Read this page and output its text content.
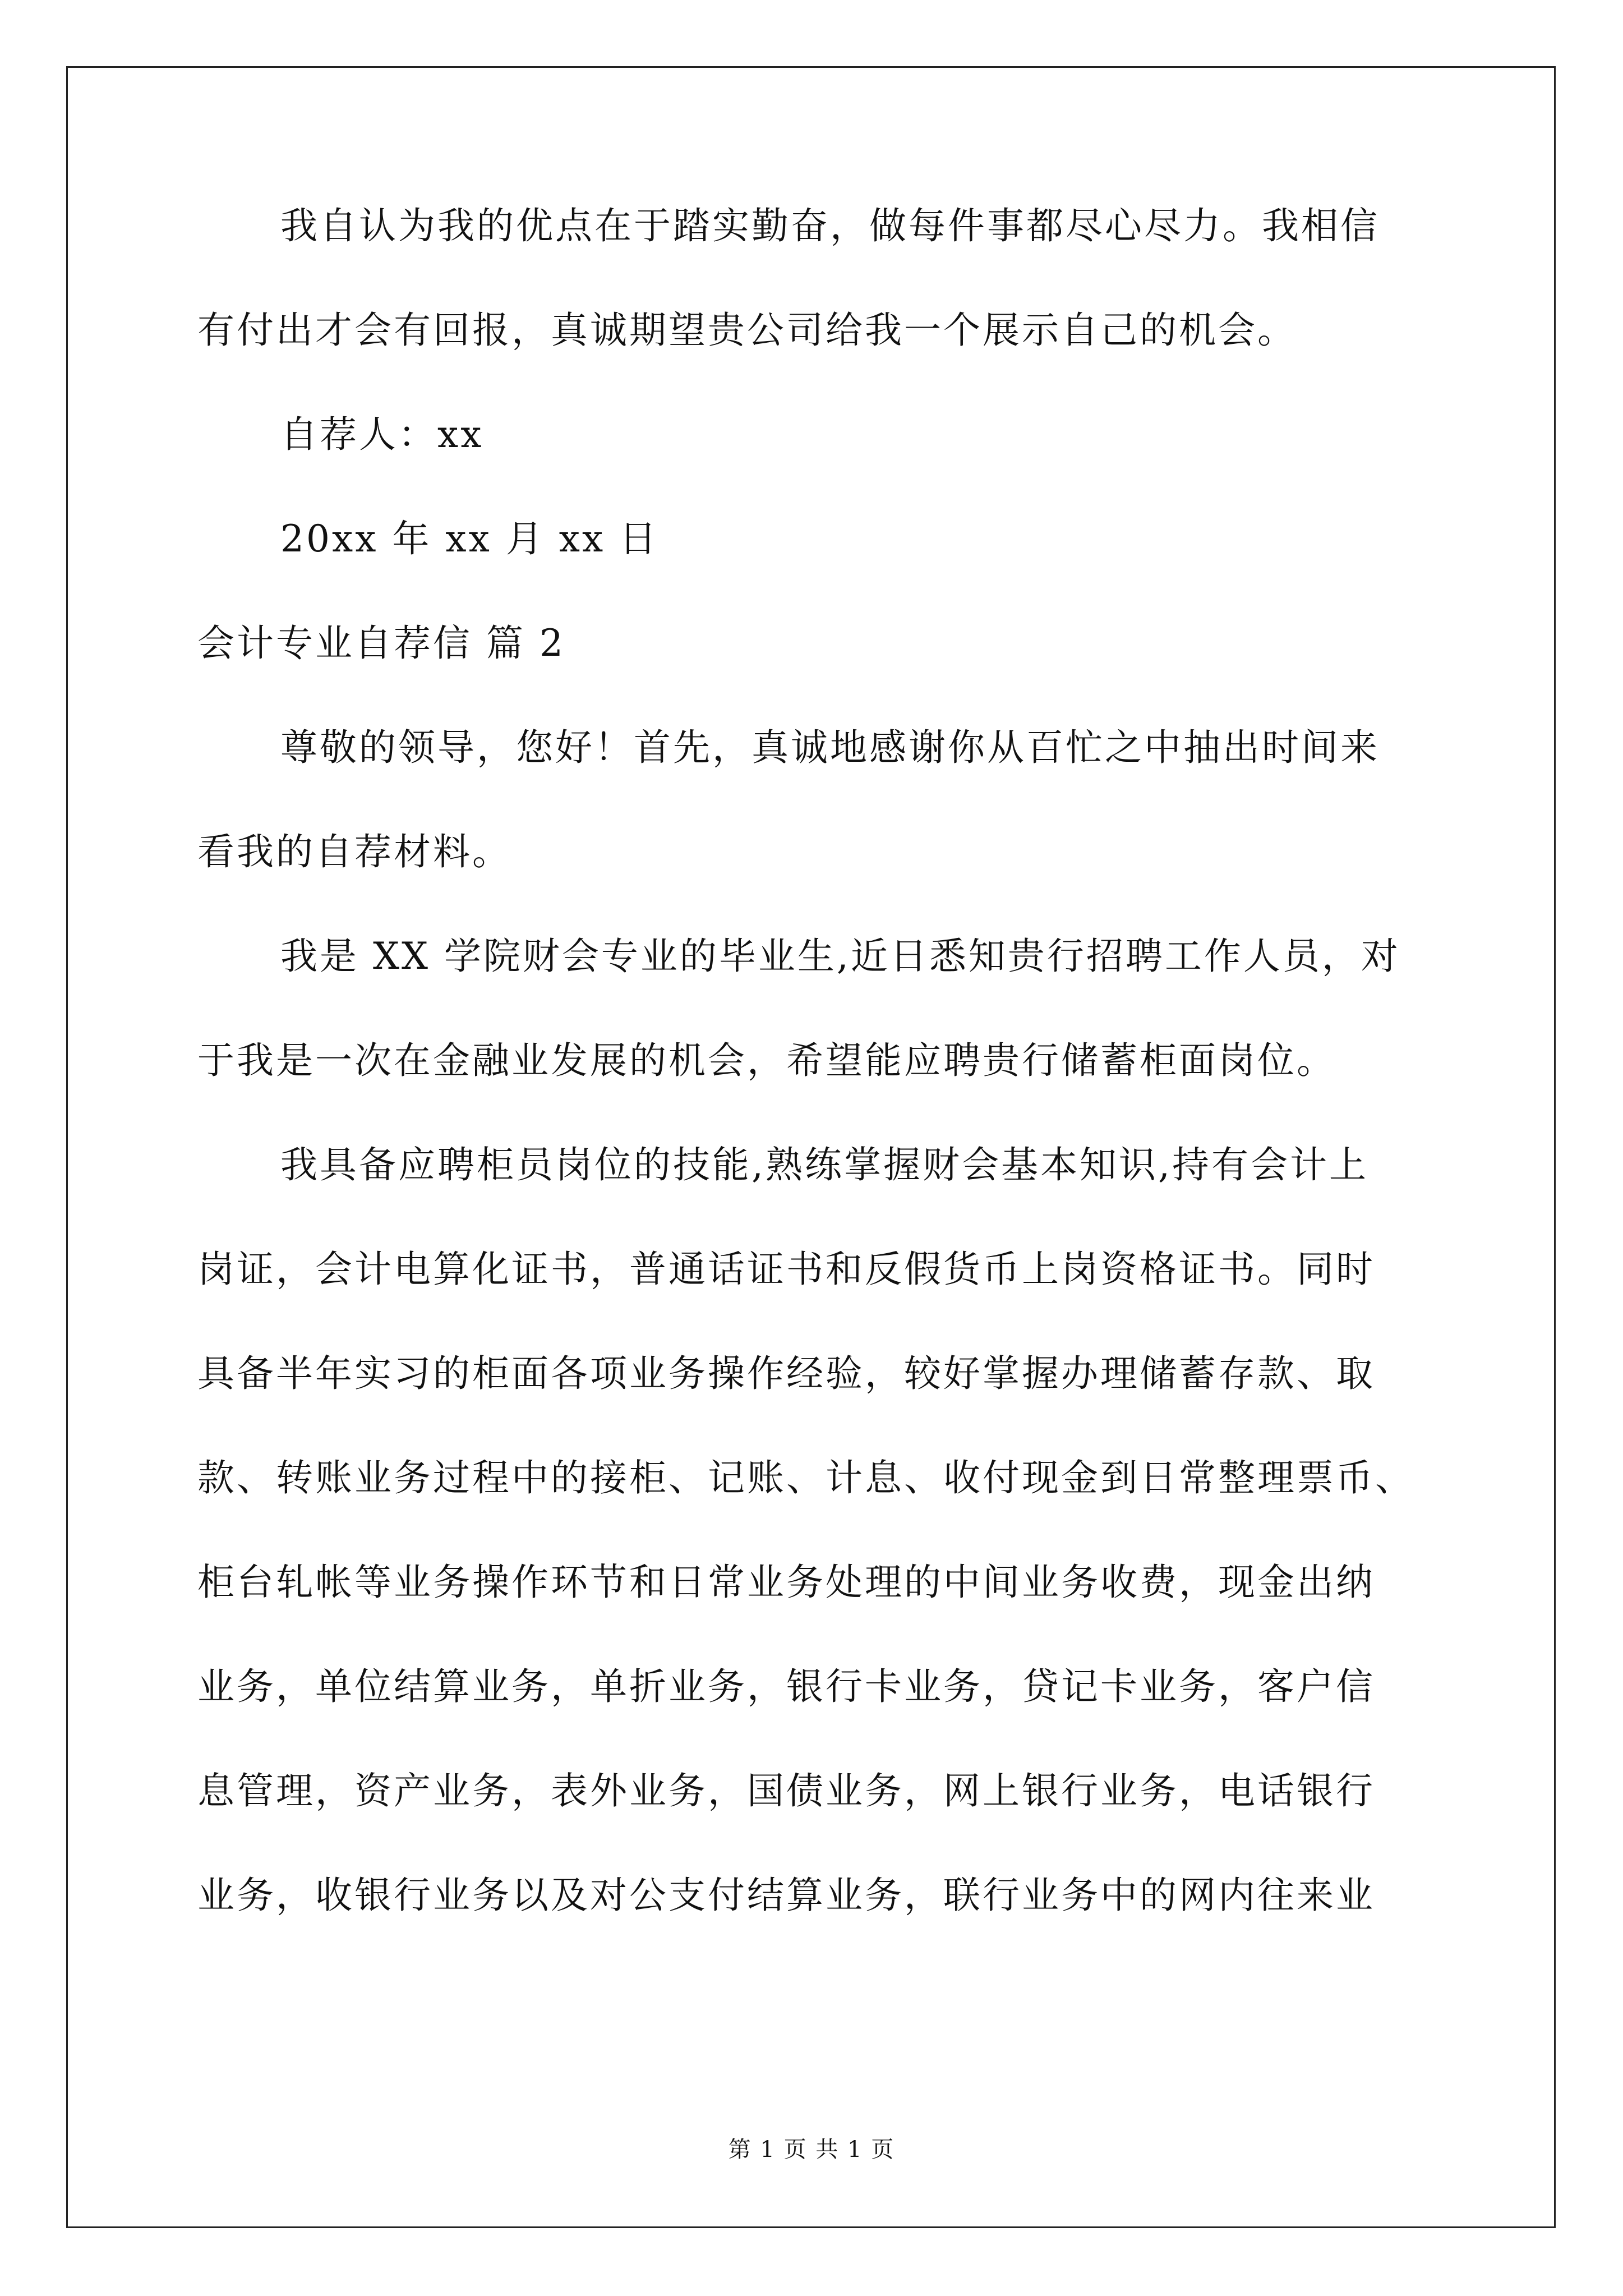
我自认为我的优点在于踏实勤奋，做每件事都尽心尽力。我相信
有付出才会有回报，真诚期望贵公司给我一个展示自己的机会。
自荐人：xx
20xx 年 xx 月 xx 日
会计专业自荐信 篇 2
尊敬的领导，您好！首先，真诚地感谢你从百忙之中抽出时间来
看我的自荐材料。
我是 XX 学院财会专业的毕业生,近日悉知贵行招聘工作人员，对
于我是一次在金融业发展的机会，希望能应聘贵行储蓄柜面岗位。
我具备应聘柜员岗位的技能,熟练掌握财会基本知识,持有会计上
岗证，会计电算化证书，普通话证书和反假货币上岗资格证书。同时
具备半年实习的柜面各项业务操作经验，较好掌握办理储蓄存款、取
款、转账业务过程中的接柜、记账、计息、收付现金到日常整理票币、
柜台轧帐等业务操作环节和日常业务处理的中间业务收费，现金出纳
业务，单位结算业务，单折业务，银行卡业务，贷记卡业务，客户信
息管理，资产业务，表外业务，国债业务，网上银行业务，电话银行
业务，收银行业务以及对公支付结算业务，联行业务中的网内往来业
第 1 页 共 1 页
